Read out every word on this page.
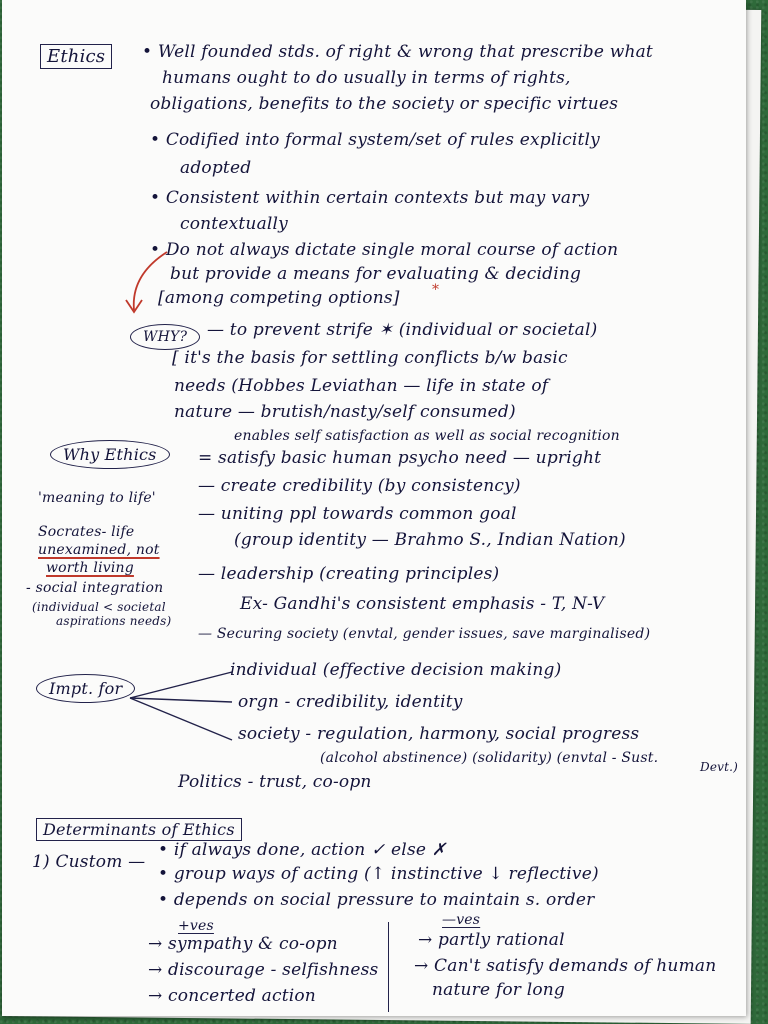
Ethics	• Well founded stds. of right & wrong that prescribe what
humans ought to do usually in terms of rights,
obligations, benefits to the society or specific virtues
• Codified into formal system/set of rules explicitly
adopted
• Consistent within certain contexts but may vary
contextually
• Do not always dictate single moral course of action
but provide a means for evaluating & deciding
[among competing options] *
WHY?	— to prevent strife ✶ (individual or societal)
[ it's the basis for settling conflicts b/w basic
needs (Hobbes Leviathan — life in state of
nature — brutish/nasty/self consumed)
Why Ethics
enables self satisfaction as well as social recognition
= satisfy basic human psycho need — upright
— create credibility (by consistency)
— uniting ppl towards common goal
(group identity — Brahmo S., Indian Nation)
— leadership (creating principles)
Ex- Gandhi's consistent emphasis - T, N-V
— Securing society (envtal, gender issues, save marginalised)
'meaning to life'
Socrates- life
unexamined, not
worth living
- social integration
(individual < societal
aspirations needs)
Impt. for
individual (effective decision making)
orgn - credibility, identity
society - regulation, harmony, social progress
(alcohol abstinence) (solidarity) (envtal - Sust.
Devt.)
Politics - trust, co-opn
Determinants of Ethics
1) Custom —
• if always done, action ✓ else ✗
• group ways of acting (↑ instinctive ↓ reflective)
• depends on social pressure to maintain s. order
+ves
→ sympathy & co-opn
→ discourage - selfishness
→ concerted action
—ves
→ partly rational
→ Can't satisfy demands of human
nature for long
